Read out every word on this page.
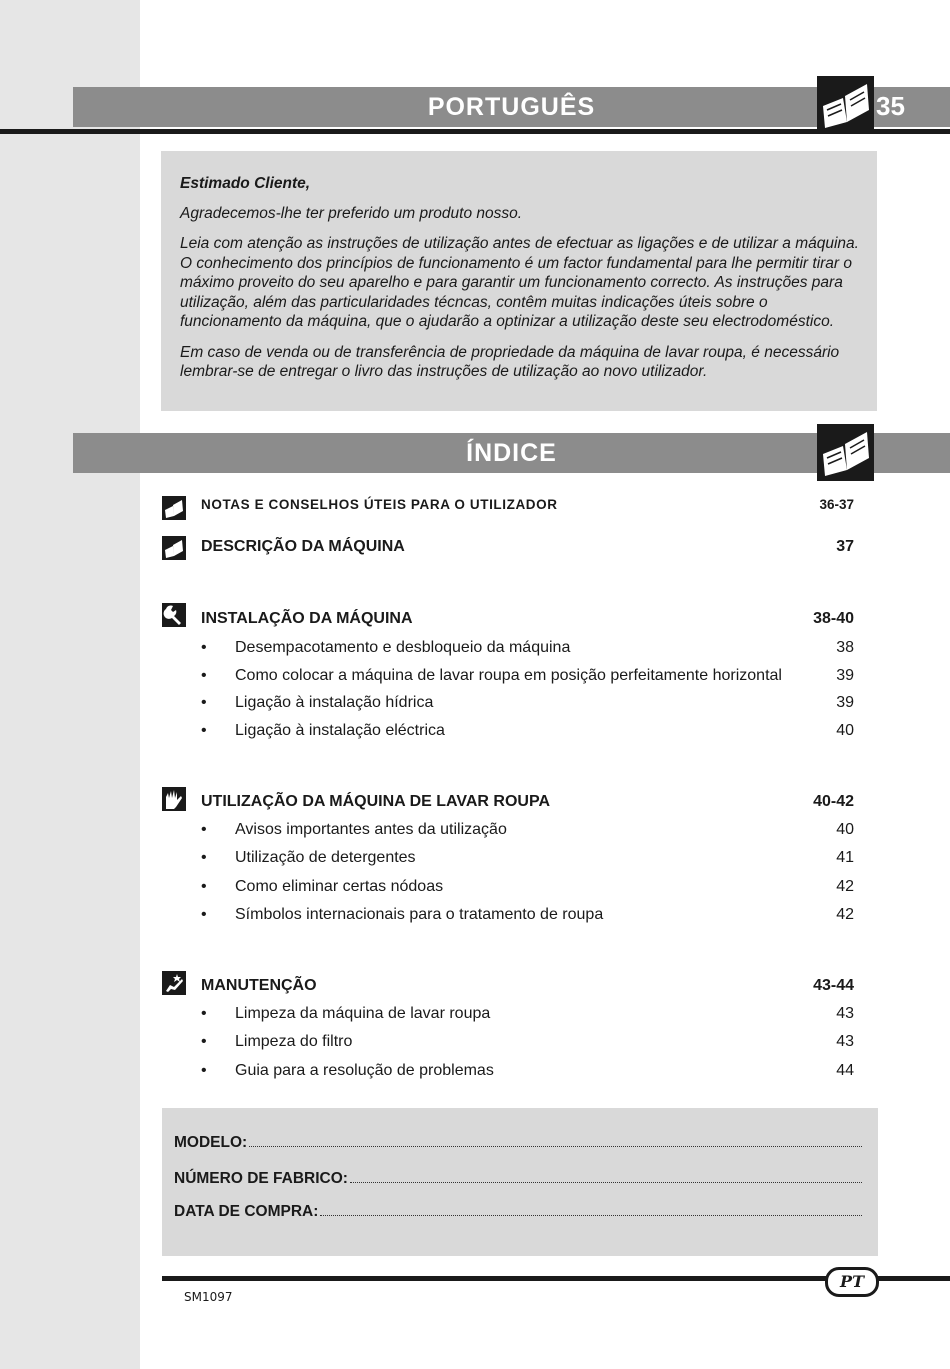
PORTUGUÊS	35

Estimado Cliente,

Agradecemos-lhe ter preferido um produto nosso.

Leia com atenção as instruções de utilização antes de efectuar as ligações e de utilizar a máquina. O conhecimento dos princípios de funcionamento é um factor fundamental para lhe permitir tirar o máximo proveito do seu aparelho e para garantir um funcionamento correcto. As instruções para utilização, além das particularidades técncas, contêm muitas indicações úteis sobre o funcionamento da máquina, que o ajudarão a optinizar a utilização deste seu electrodoméstico.

Em caso de venda ou de transferência de propriedade da máquina de lavar roupa, é necessário lembrar-se de entregar o livro das instruções de utilização ao novo utilizador.

ÍNDICE
NOTAS E CONSELHOS ÚTEIS PARA O UTILIZADOR	36-37
DESCRIÇÃO DA MÁQUINA	37
INSTALAÇÃO DA MÁQUINA	38-40
• Desempacotamento e desbloqueio da máquina	38
• Como colocar a máquina de lavar roupa em posição perfeitamente horizontal	39
• Ligação à instalação hídrica	39
• Ligação à instalação eléctrica	40
UTILIZAÇÃO DA MÁQUINA DE LAVAR ROUPA	40-42
• Avisos importantes antes da utilização	40
• Utilização de detergentes	41
• Como eliminar certas nódoas	42
• Símbolos internacionais para o tratamento de roupa	42
MANUTENÇÃO	43-44
• Limpeza da máquina de lavar roupa	43
• Limpeza do filtro	43
• Guia para a resolução de problemas	44
MODELO:
NÚMERO DE FABRICO:
DATA DE COMPRA:
PT
SM1097
